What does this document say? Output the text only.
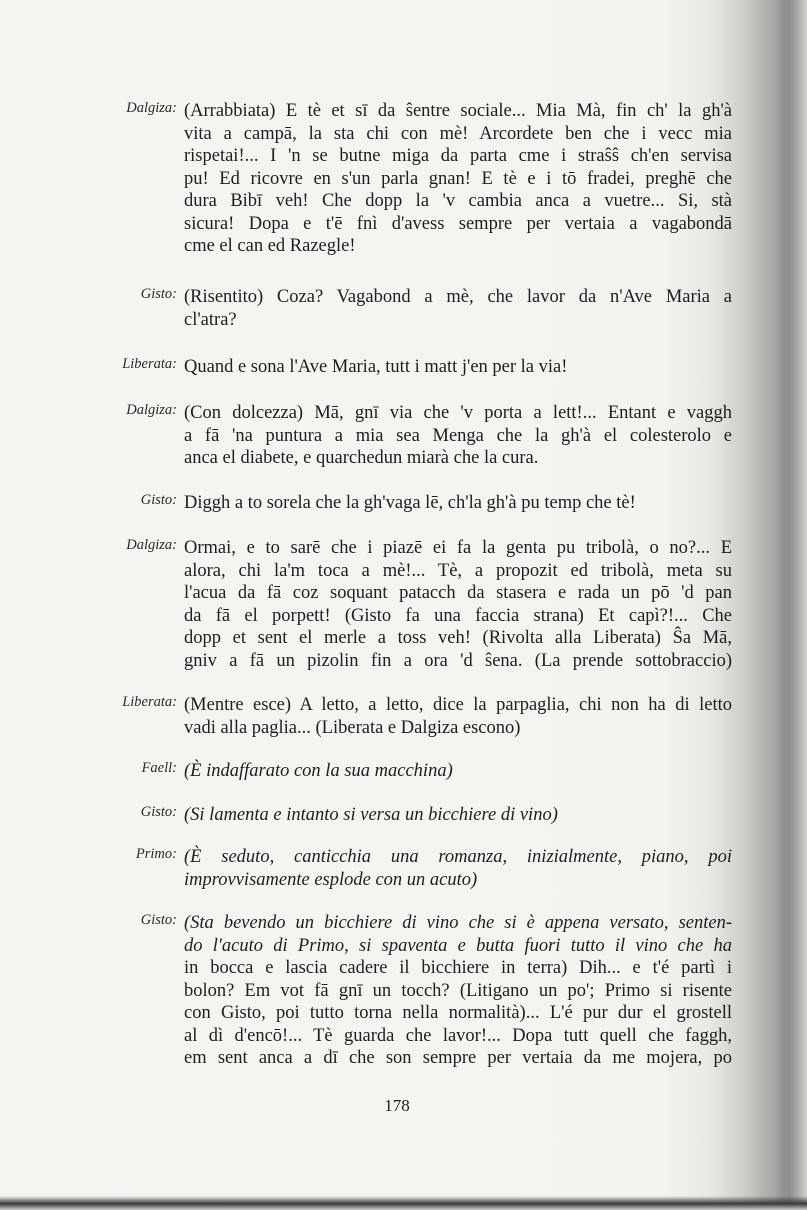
Dalgiza: (Arrabbiata) E tè et sī da ŝentre sociale... Mia Mà, fin ch' la gh'à
vita a campā, la sta chi con mè! Arcordete ben che i vecc mia
rispetai!... I 'n se butne miga da parta cme i straŝŝ ch'en servisa
pu! Ed ricovre en s'un parla gnan! E tè e i tō fradei, preghē che
dura Bibī veh! Che dopp la 'v cambia anca a vuetre... Si, stà
sicura! Dopa e t'ē fnì d'avess sempre per vertaia a vagabondā
cme el can ed Razegle!
Gisto: (Risentito) Coza? Vagabond a mè, che lavor da n'Ave Maria a
cl'atra?
Liberata: Quand e sona l'Ave Maria, tutt i matt j'en per la via!
Dalgiza: (Con dolcezza) Mā, gnī via che 'v porta a lett!... Entant e vaggh
a fā 'na puntura a mia sea Menga che la gh'à el colesterolo e
anca el diabete, e quarchedun miarà che la cura.
Gisto: Diggh a to sorela che la gh'vaga lē, ch'la gh'à pu temp che tè!
Dalgiza: Ormai, e to sarē che i piazē ei fa la genta pu tribolà, o no?... E
alora, chi la'm toca a mè!... Tè, a propozit ed tribolà, meta su
l'acua da fā coz soquant patacch da stasera e rada un pō 'd pan
da fā el porpett! (Gisto fa una faccia strana) Et capì?!... Che
dopp et sent el merle a toss veh! (Rivolta alla Liberata) Ŝa Mā,
gniv a fā un pizolin fin a ora 'd ŝena. (La prende sottobraccio)
Liberata: (Mentre esce) A letto, a letto, dice la parpaglia, chi non ha di letto
vadi alla paglia... (Liberata e Dalgiza escono)
Faell: (È indaffarato con la sua macchina)
Gisto: (Si lamenta e intanto si versa un bicchiere di vino)
Primo: (È seduto, canticchia una romanza, inizialmente, piano, poi
improvvisamente esplode con un acuto)
Gisto: (Sta bevendo un bicchiere di vino che si è appena versato, senten-
do l'acuto di Primo, si spaventa e butta fuori tutto il vino che ha
in bocca e lascia cadere il bicchiere in terra) Dih... e t'é partì i
bolon? Em vot fā gnī un tocch? (Litigano un po'; Primo si risente
con Gisto, poi tutto torna nella normalità)... L'é pur dur el grostell
al dì d'encō!... Tè guarda che lavor!... Dopa tutt quell che faggh,
em sent anca a dī che son sempre per vertaia da me mojera, po
178
